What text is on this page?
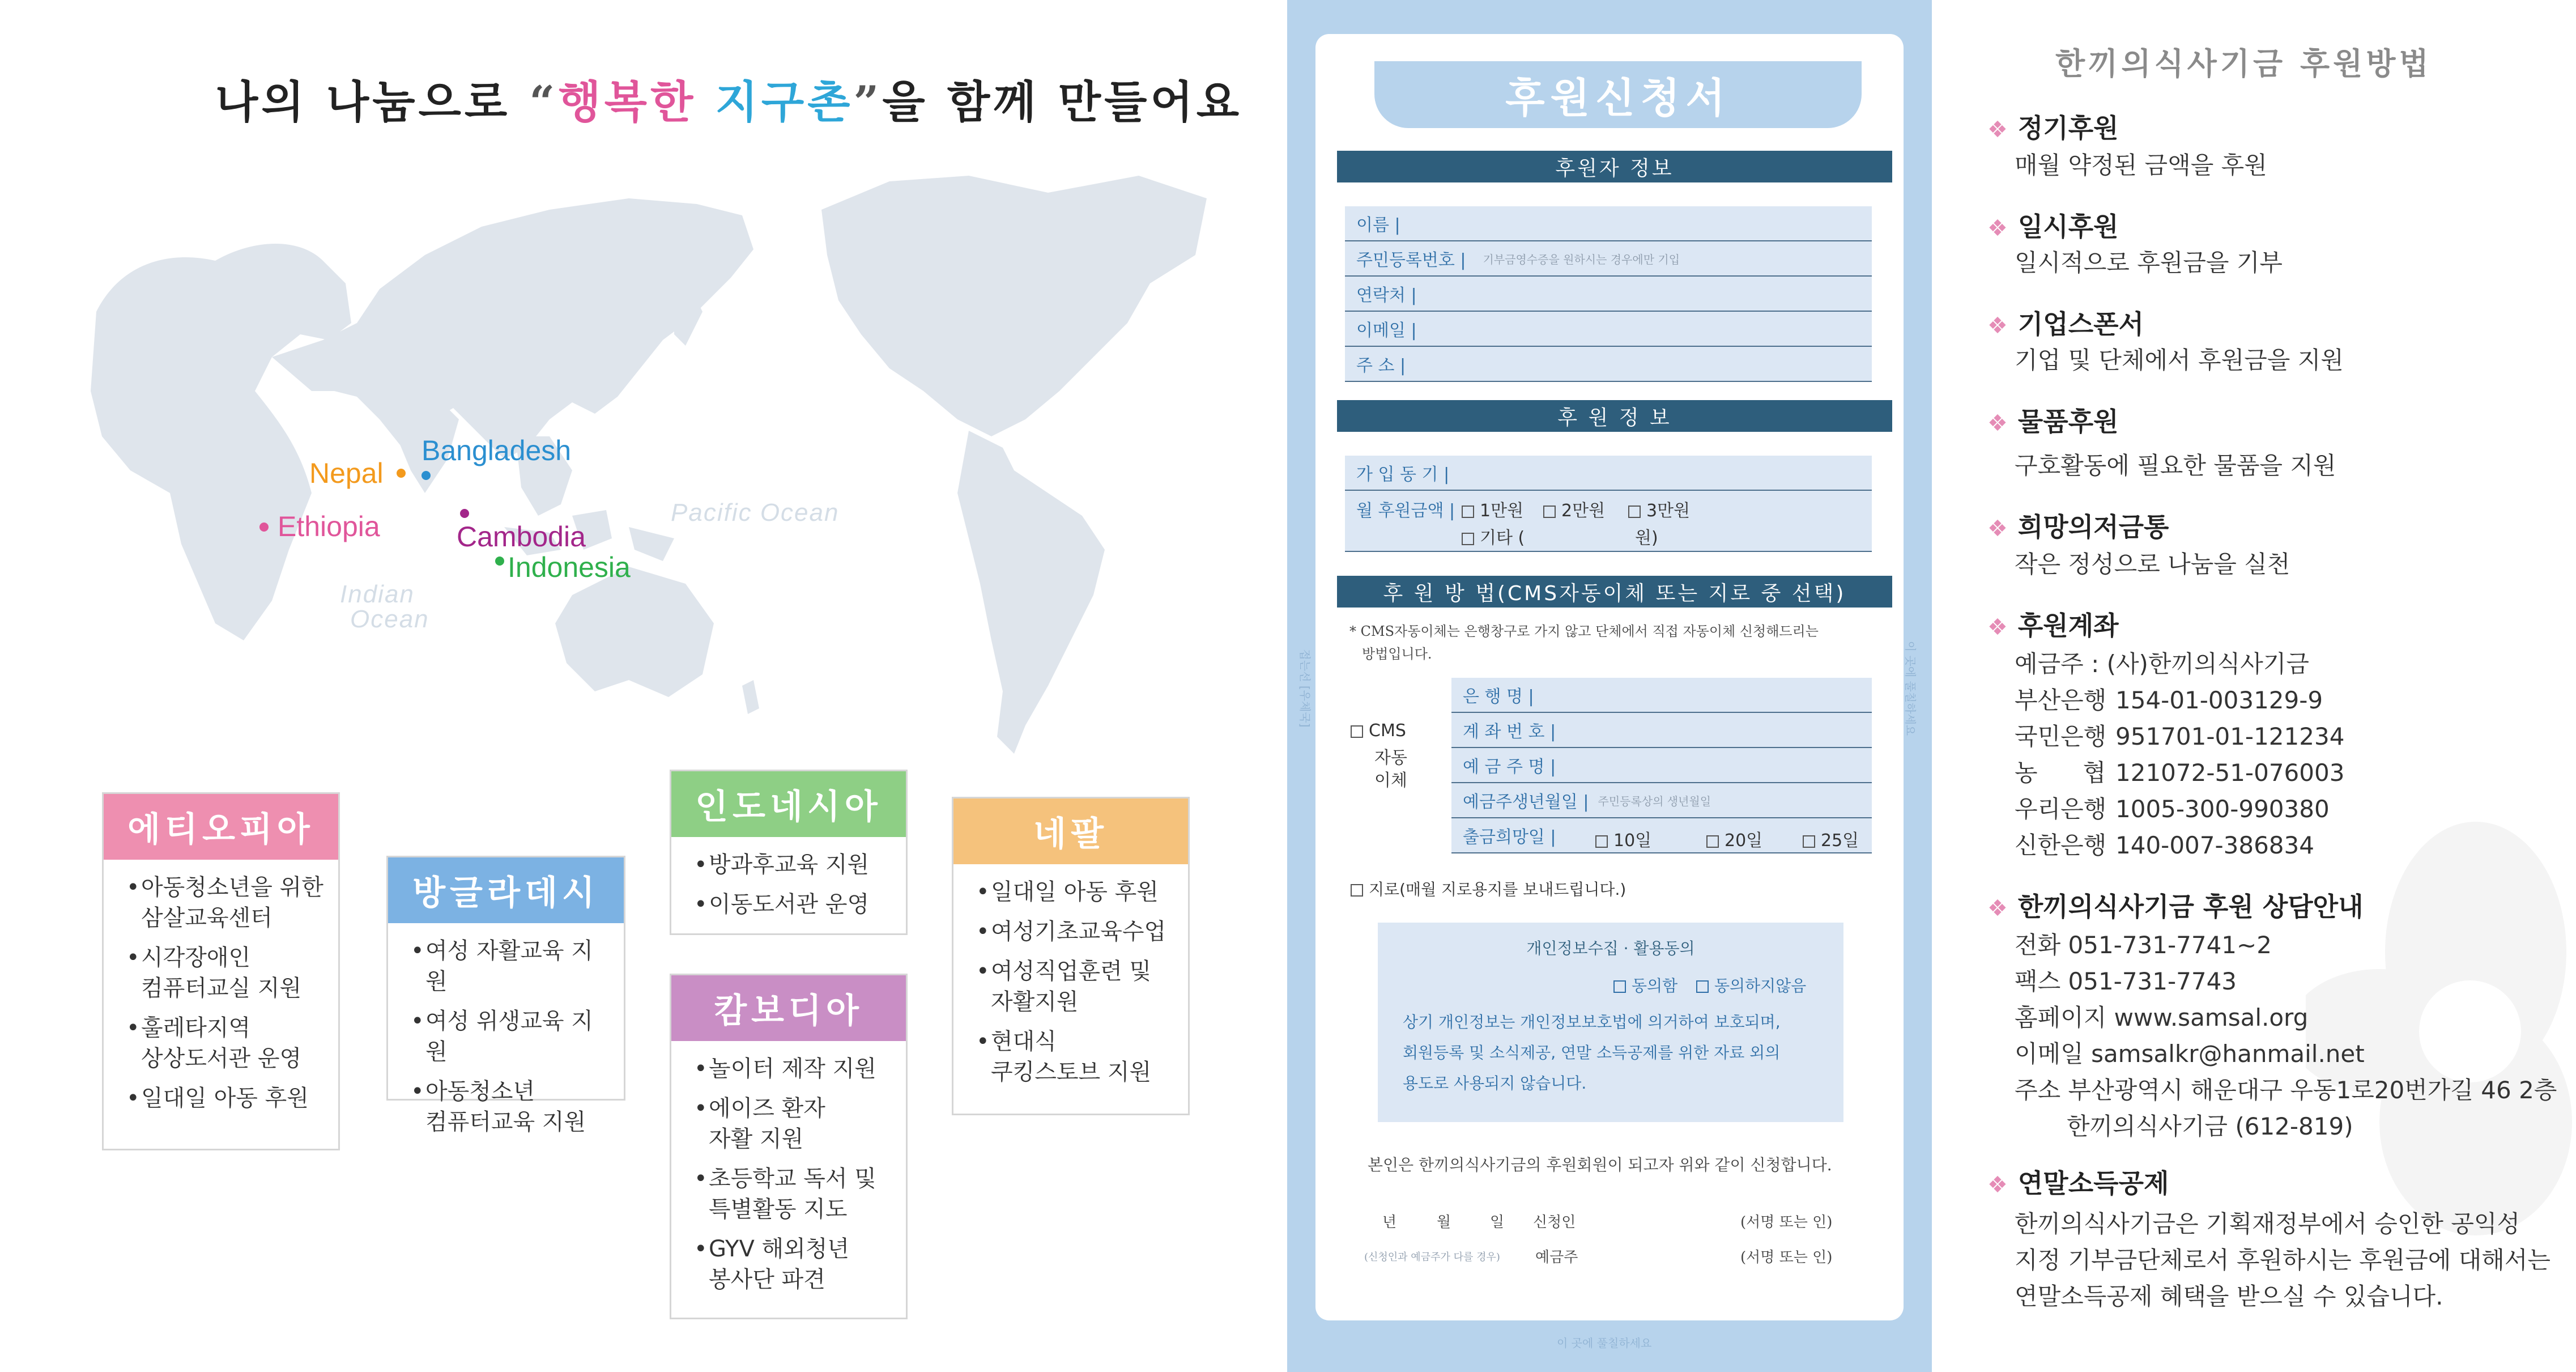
나의 나눔으로 “행복한 지구촌”을 함께 만들어요
Nepal
Bangladesh
Ethiopia	Cambodia
Indonesia
Pacific Ocean
Indian
Ocean
에티오피아
• 아동청소년을 위한
삼살교육센터
• 시각장애인
컴퓨터교실 지원
• 훌레타지역
상상도서관 운영
• 일대일 아동 후원
방글라데시
• 여성 자활교육 지원
• 여성 위생교육 지원
• 아동청소년
컴퓨터교육 지원
인도네시아
• 방과후교육 지원
• 이동도서관 운영
캄보디아
• 놀이터 제작 지원
• 에이즈 환자
자활 지원
• 초등학교 독서 및
특별활동 지도
• GYV 해외청년
봉사단 파견
네팔
• 일대일 아동 후원
• 여성기초교육수업
• 여성직업훈련 및
자활지원
• 현대식
쿠킹스토브 지원
후원신청서
이 곳에 풀칠하세요
접는선 [우체국]	이 곳에 풀칠하세요
후원자 정보
이름 |
주민등록번호 | 기부금영수증을 원하시는 경우에만 기입
연락처 |
이메일 |
주 소 |
후 원 정 보
가 입 동 기 |
월 후원금액 |	1만원	2만원	3만원
기타 (	원)
후 원 방 법(CMS자동이체 또는 지로 중 선택)
* CMS자동이체는 은행창구로 가지 않고 단체에서 직접 자동이체 신청해드리는
방법입니다.
CMS
자동
이체
은 행 명 |
계 좌 번 호 |
예 금 주 명 |
예금주생년월일 | 주민등록상의 생년월일
출금희망일 |	10일	20일	25일
지로(매월 지로용지를 보내드립니다.)
개인정보수집 · 활용동의
동의함	동의하지않음
상기 개인정보는 개인정보보호법에 의거하여 보호되며,
회원등록 및 소식제공, 연말 소득공제를 위한 자료 외의
용도로 사용되지 않습니다.
본인은 한끼의식사기금의 후원회원이 되고자 위와 같이 신청합니다.
년	월	일 신청인	(서명 또는 인)
(신청인과 예금주가 다를 경우) 예금주	(서명 또는 인)
한끼의식사기금 후원방법
❖ 정기후원
매월 약정된 금액을 후원
❖ 일시후원
일시적으로 후원금을 기부
❖ 기업스폰서
기업 및 단체에서 후원금을 지원
❖ 물품후원
구호활동에 필요한 물품을 지원
❖ 희망의저금통
작은 정성으로 나눔을 실천
❖ 후원계좌
예금주 : (사)한끼의식사기금
부산은행 154-01-003129-9
국민은행 951701-01-121234
농      협 121072-51-076003
우리은행 1005-300-990380
신한은행 140-007-386834
❖ 한끼의식사기금 후원 상담안내
전화 051-731-7741~2
팩스 051-731-7743
홈페이지 www.samsal.org
이메일 samsalkr@hanmail.net
주소 부산광역시 해운대구 우동1로20번가길 46 2층
한끼의식사기금 (612-819)
❖ 연말소득공제
한끼의식사기금은 기획재정부에서 승인한 공익성
지정 기부금단체로서 후원하시는 후원금에 대해서는
연말소득공제 혜택을 받으실 수 있습니다.
